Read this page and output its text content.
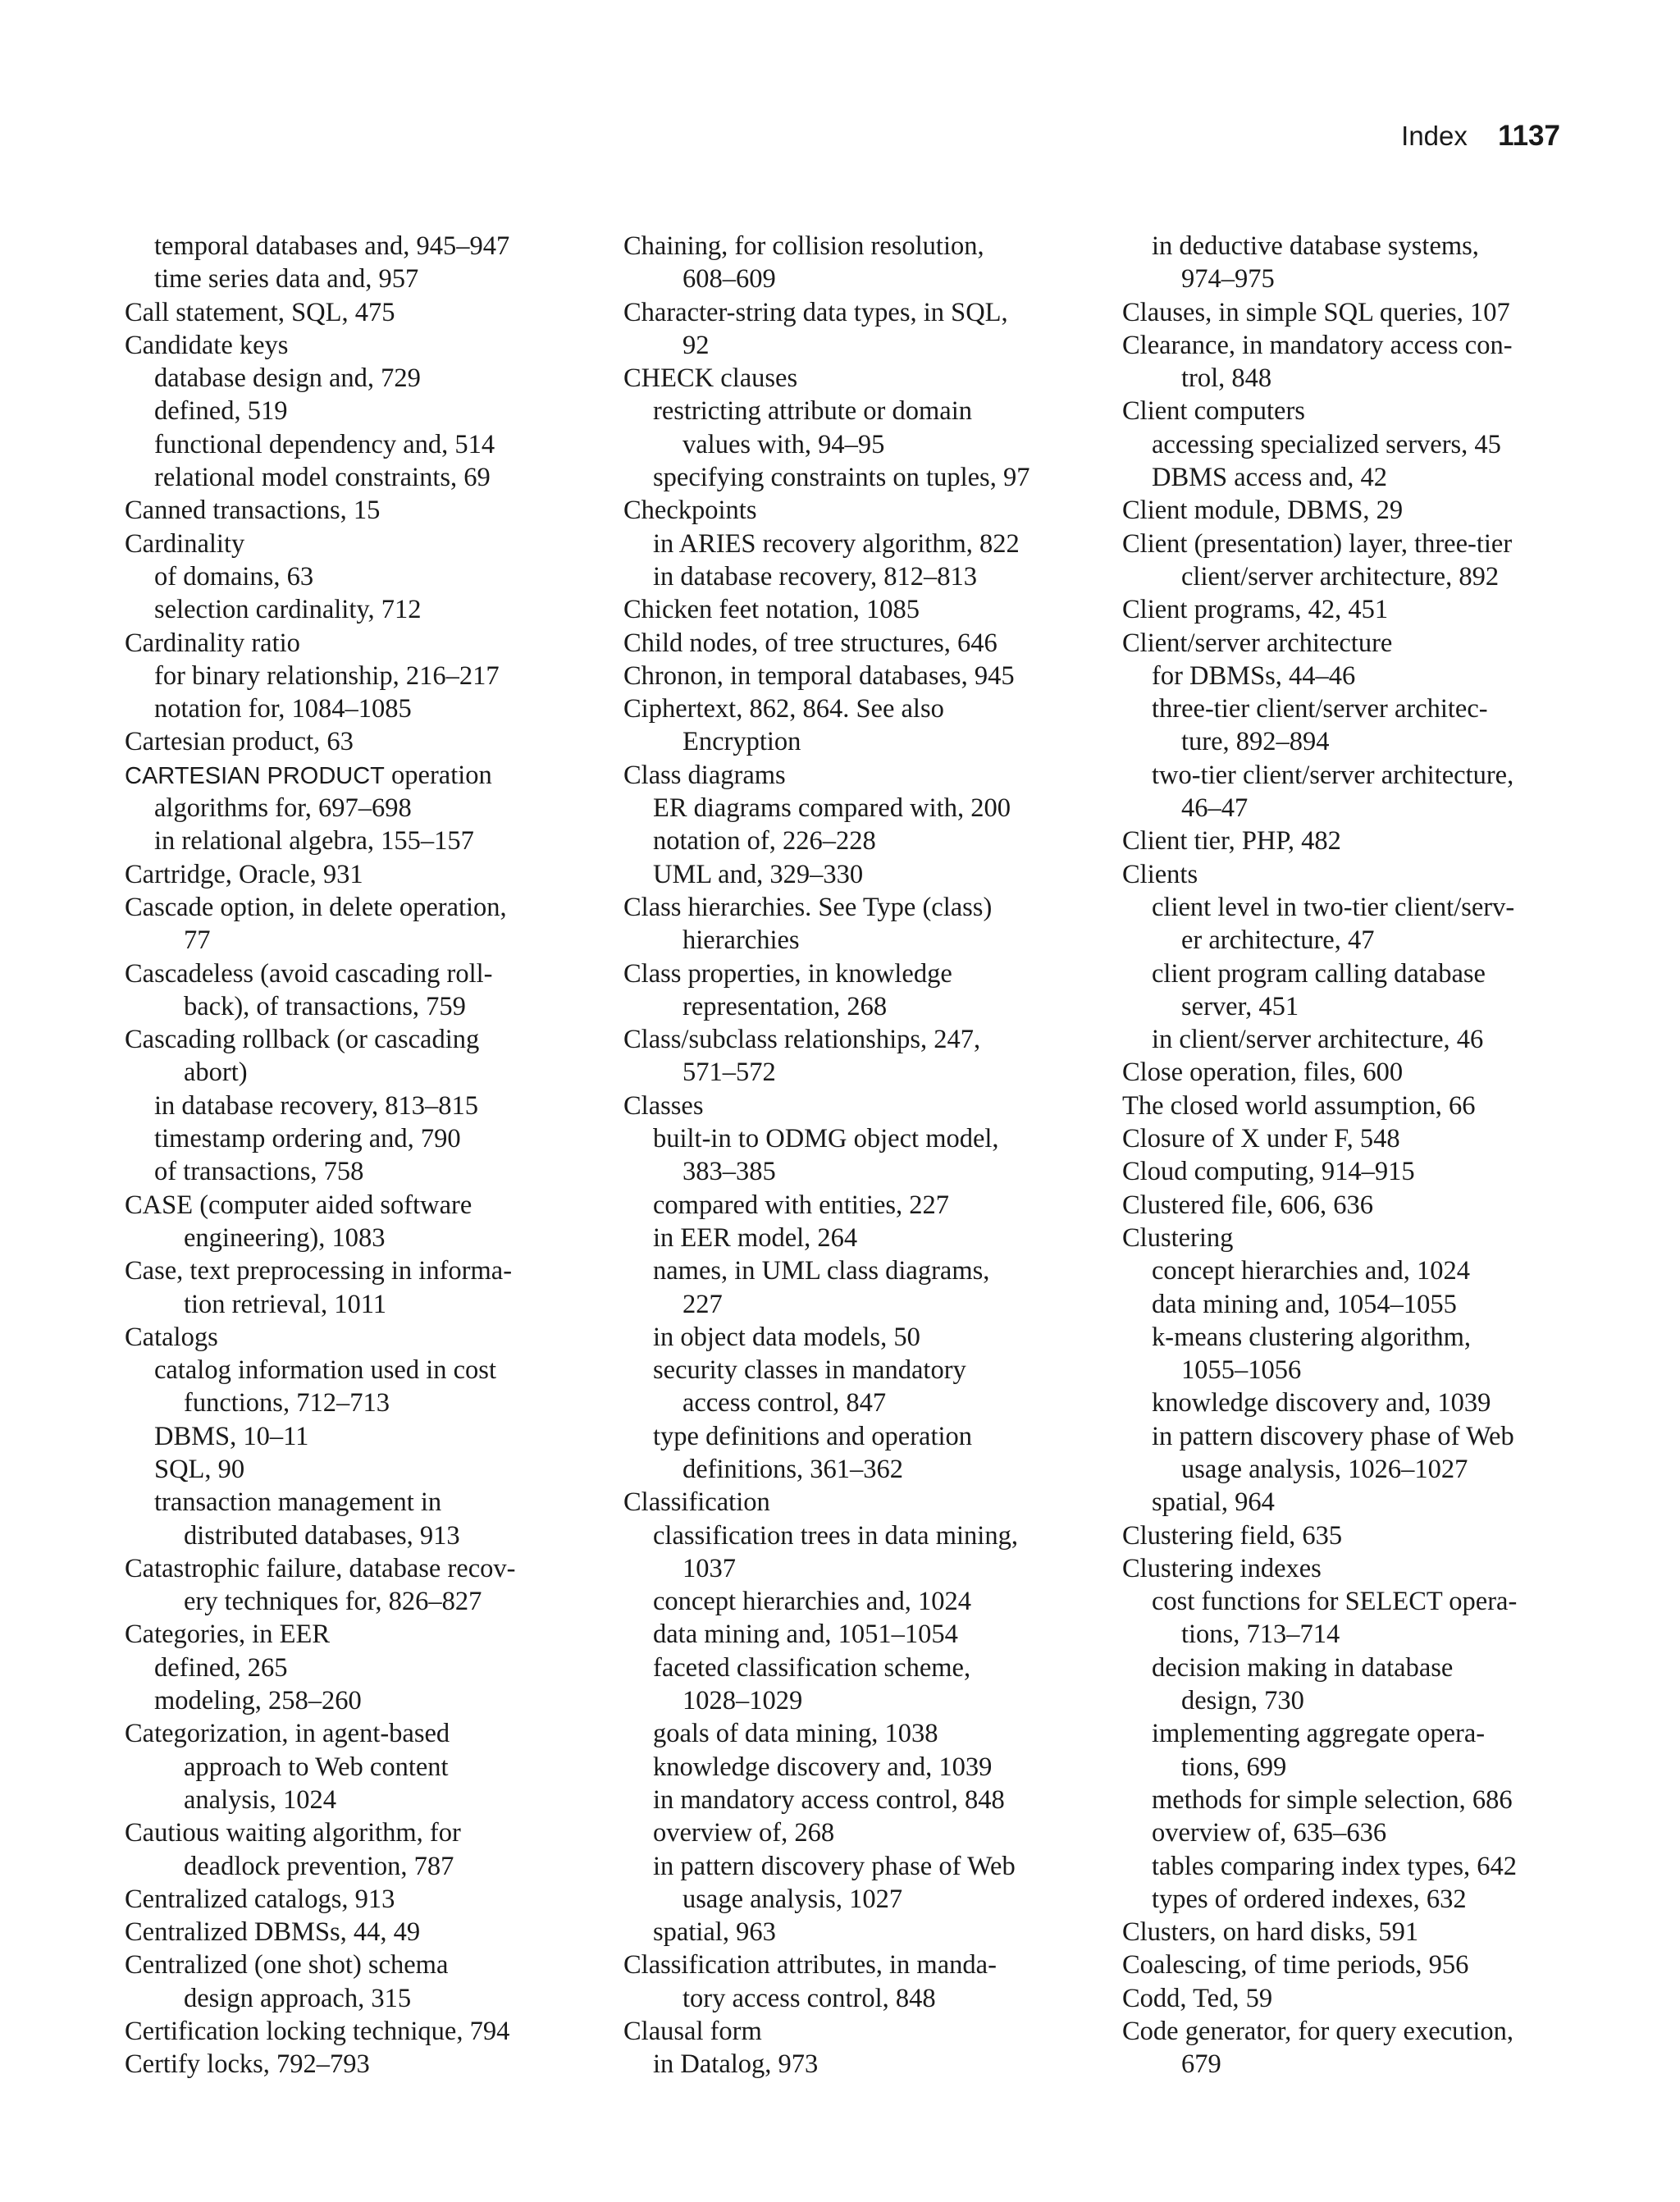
Index 1137
temporal databases and, 945–947
time series data and, 957
Call statement, SQL, 475
Candidate keys
database design and, 729
defined, 519
functional dependency and, 514
relational model constraints, 69
Canned transactions, 15
Cardinality
of domains, 63
selection cardinality, 712
Cardinality ratio
for binary relationship, 216–217
notation for, 1084–1085
Cartesian product, 63
CARTESIAN PRODUCT operation
algorithms for, 697–698
in relational algebra, 155–157
Cartridge, Oracle, 931
Cascade option, in delete operation,
77
Cascadeless (avoid cascading roll-
back), of transactions, 759
Cascading rollback (or cascading
abort)
in database recovery, 813–815
timestamp ordering and, 790
of transactions, 758
CASE (computer aided software
engineering), 1083
Case, text preprocessing in informa-
tion retrieval, 1011
Catalogs
catalog information used in cost
functions, 712–713
DBMS, 10–11
SQL, 90
transaction management in
distributed databases, 913
Catastrophic failure, database recov-
ery techniques for, 826–827
Categories, in EER
defined, 265
modeling, 258–260
Categorization, in agent-based
approach to Web content
analysis, 1024
Cautious waiting algorithm, for
deadlock prevention, 787
Centralized catalogs, 913
Centralized DBMSs, 44, 49
Centralized (one shot) schema
design approach, 315
Certification locking technique, 794
Certify locks, 792–793
Chaining, for collision resolution,
608–609
Character-string data types, in SQL,
92
CHECK clauses
restricting attribute or domain
values with, 94–95
specifying constraints on tuples, 97
Checkpoints
in ARIES recovery algorithm, 822
in database recovery, 812–813
Chicken feet notation, 1085
Child nodes, of tree structures, 646
Chronon, in temporal databases, 945
Ciphertext, 862, 864. See also
Encryption
Class diagrams
ER diagrams compared with, 200
notation of, 226–228
UML and, 329–330
Class hierarchies. See Type (class)
hierarchies
Class properties, in knowledge
representation, 268
Class/subclass relationships, 247,
571–572
Classes
built-in to ODMG object model,
383–385
compared with entities, 227
in EER model, 264
names, in UML class diagrams,
227
in object data models, 50
security classes in mandatory
access control, 847
type definitions and operation
definitions, 361–362
Classification
classification trees in data mining,
1037
concept hierarchies and, 1024
data mining and, 1051–1054
faceted classification scheme,
1028–1029
goals of data mining, 1038
knowledge discovery and, 1039
in mandatory access control, 848
overview of, 268
in pattern discovery phase of Web
usage analysis, 1027
spatial, 963
Classification attributes, in manda-
tory access control, 848
Clausal form
in Datalog, 973
in deductive database systems,
974–975
Clauses, in simple SQL queries, 107
Clearance, in mandatory access con-
trol, 848
Client computers
accessing specialized servers, 45
DBMS access and, 42
Client module, DBMS, 29
Client (presentation) layer, three-tier
client/server architecture, 892
Client programs, 42, 451
Client/server architecture
for DBMSs, 44–46
three-tier client/server architec-
ture, 892–894
two-tier client/server architecture,
46–47
Client tier, PHP, 482
Clients
client level in two-tier client/serv-
er architecture, 47
client program calling database
server, 451
in client/server architecture, 46
Close operation, files, 600
The closed world assumption, 66
Closure of X under F, 548
Cloud computing, 914–915
Clustered file, 606, 636
Clustering
concept hierarchies and, 1024
data mining and, 1054–1055
k-means clustering algorithm,
1055–1056
knowledge discovery and, 1039
in pattern discovery phase of Web
usage analysis, 1026–1027
spatial, 964
Clustering field, 635
Clustering indexes
cost functions for SELECT opera-
tions, 713–714
decision making in database
design, 730
implementing aggregate opera-
tions, 699
methods for simple selection, 686
overview of, 635–636
tables comparing index types, 642
types of ordered indexes, 632
Clusters, on hard disks, 591
Coalescing, of time periods, 956
Codd, Ted, 59
Code generator, for query execution,
679
